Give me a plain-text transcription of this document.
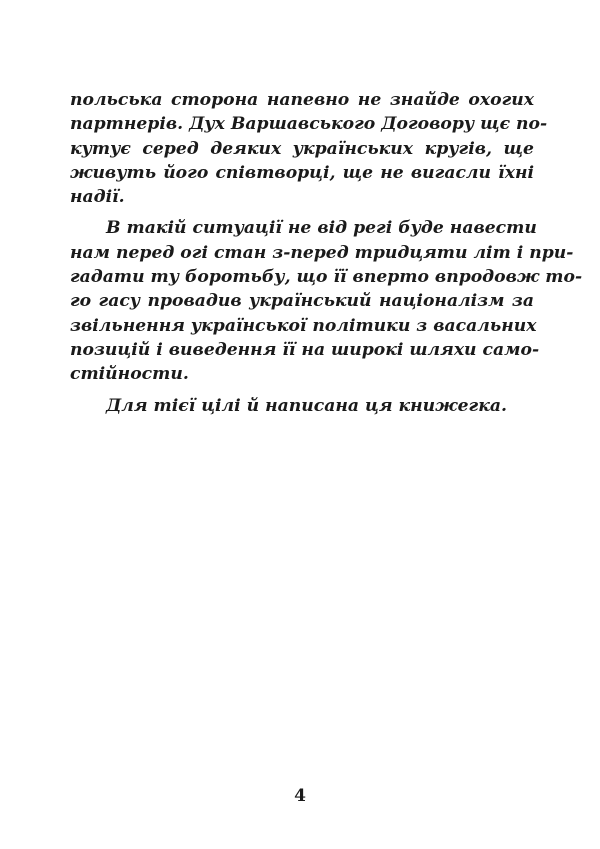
польська сторона напевно не знайде охогих
партнерів. Дух Варшавського Договору щє по-
кутує серед деяких українських кругів, ще
живуть його співтворці, ще не вигасли їхні
надії.
В такій ситуації не від регі буде навести
нам перед огі стан з-перед тридцяти літ і при-
гадати ту боротьбу, що її вперто впродовж то-
го гасу провадив український націоналізм за
звільнення української політики з васальних
позицій і виведення її на широкі шляхи само-
стійности.
Для тієї цілі й написана ця книжегка.
4
